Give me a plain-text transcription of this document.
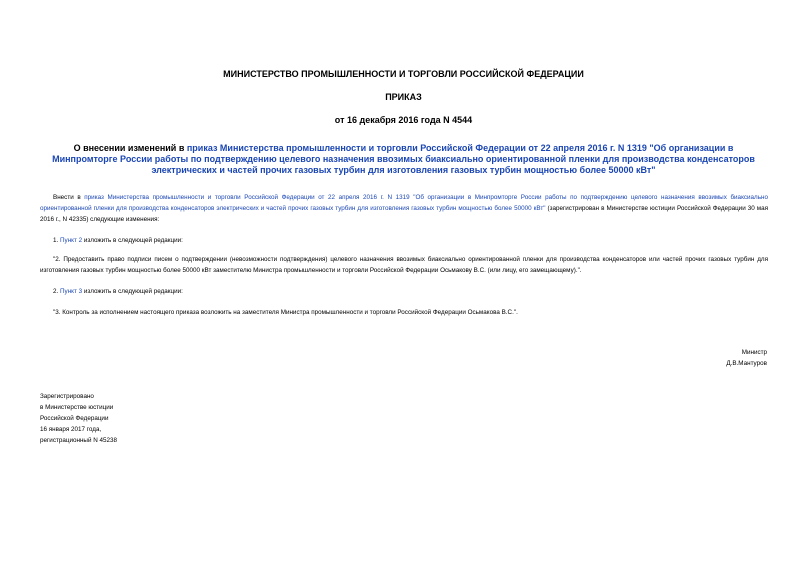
МИНИСТЕРСТВО ПРОМЫШЛЕННОСТИ И ТОРГОВЛИ РОССИЙСКОЙ ФЕДЕРАЦИИ
ПРИКАЗ
от 16 декабря 2016 года N 4544
О внесении изменений в приказ Министерства промышленности и торговли Российской Федерации от 22 апреля 2016 г. N 1319 "Об организации в Минпромторге России работы по подтверждению целевого назначения ввозимых биаксиально ориентированной пленки для производства конденсаторов электрических и частей прочих газовых турбин для изготовления газовых турбин мощностью более 50000 кВт"
Внести в приказ Министерства промышленности и торговли Российской Федерации от 22 апреля 2016 г. N 1319 "Об организации в Минпромторге России работы по подтверждению целевого назначения ввозимых биаксиально ориентированной пленки для производства конденсаторов электрических и частей прочих газовых турбин для изготовления газовых турбин мощностью более 50000 кВт" (зарегистрирован в Министерстве юстиции Российской Федерации 30 мая 2016 г., N 42335) следующие изменения:
1. Пункт 2 изложить в следующей редакции:
"2. Предоставить право подписи писем о подтверждении (невозможности подтверждения) целевого назначения ввозимых биаксиально ориентированной пленки для производства конденсаторов или частей прочих газовых турбин для изготовления газовых турбин мощностью более 50000 кВт заместителю Министра промышленности и торговли Российской Федерации Осьмакову В.С. (или лицу, его замещающему).".
2. Пункт 3 изложить в следующей редакции:
"3. Контроль за исполнением настоящего приказа возложить на заместителя Министра промышленности и торговли Российской Федерации Осьмакова В.С.".
Министр
Д.В.Мантуров
Зарегистрировано
в Министерстве юстиции
Российской Федерации
16 января 2017 года,
регистрационный N 45238
